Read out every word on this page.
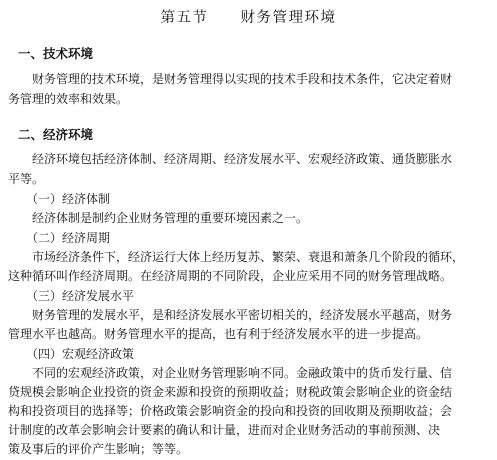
第五节 财务管理环境
一、技术环境
财务管理的技术环境，是财务管理得以实现的技术手段和技术条件，它决定着财
务管理的效率和效果。
二、经济环境
经济环境包括经济体制、经济周期、经济发展水平、宏观经济政策、通货膨胀水
平等。
（一）经济体制
经济体制是制约企业财务管理的重要环境因素之一。
（二）经济周期
市场经济条件下，经济运行大体上经历复苏、繁荣、衰退和萧条几个阶段的循环，
这种循环叫作经济周期。在经济周期的不同阶段，企业应采用不同的财务管理战略。
（三）经济发展水平
财务管理的发展水平，是和经济发展水平密切相关的，经济发展水平越高，财务
管理水平也越高。财务管理水平的提高，也有利于经济发展水平的进一步提高。
（四）宏观经济政策
不同的宏观经济政策，对企业财务管理影响不同。金融政策中的货币发行量、信
贷规模会影响企业投资的资金来源和投资的预期收益；财税政策会影响企业的资金结
构和投资项目的选择等；价格政策会影响资金的投向和投资的回收期及预期收益；会
计制度的改革会影响会计要素的确认和计量，进而对企业财务活动的事前预测、决
策及事后的评价产生影响；等等。
